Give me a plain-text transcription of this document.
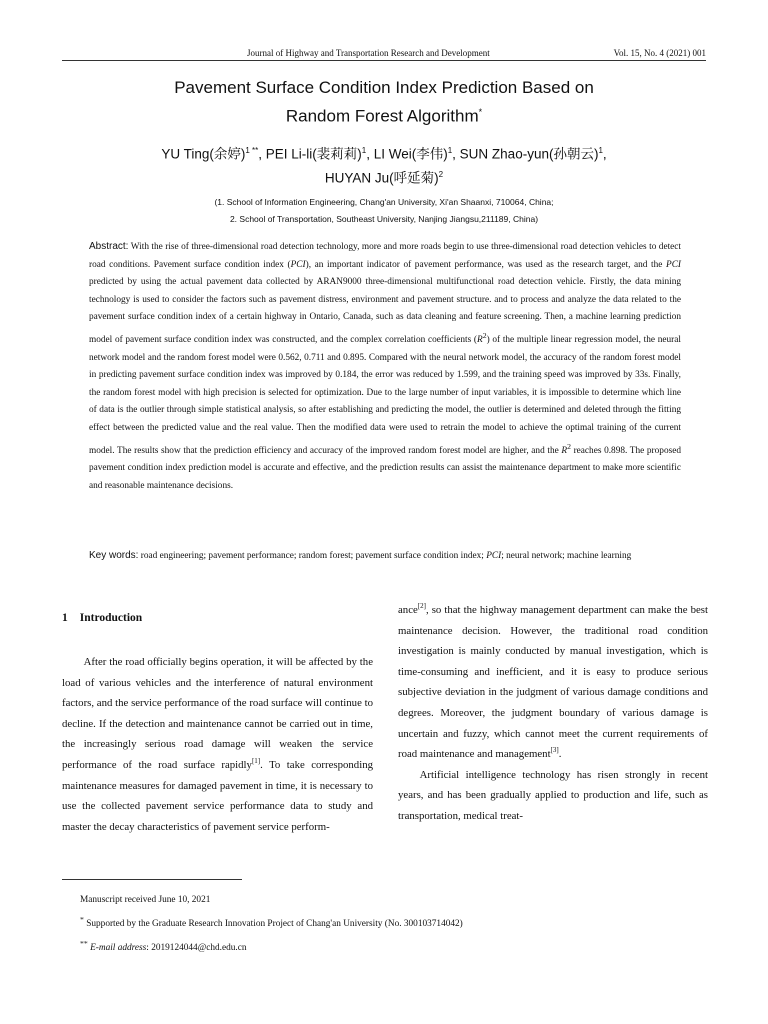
Journal of Highway and Transportation Research and Development	Vol. 15, No. 4 (2021) 001
Pavement Surface Condition Index Prediction Based on
Random Forest Algorithm*
YU Ting(余婷)$^{1 **}$, PEI Li-li(裴莉莉)$^1$, LI Wei(李伟)$^1$, SUN Zhao-yun(孙朝云)$^1$,
HUYAN Ju(呼延菊)$^2$
(1. School of Information Engineering, Chang'an University, Xi'an Shaanxi, 710064, China;
2. School of Transportation, Southeast University, Nanjing Jiangsu,211189, China)
Abstract: With the rise of three-dimensional road detection technology, more and more roads begin to use three-dimensional road detection vehicles to detect road conditions. Pavement surface condition index (PCI), an important indicator of pavement performance, was used as the research target, and the PCI predicted by using the actual pavement data collected by ARAN9000 three-dimensional multifunctional road detection vehicle. Firstly, the data mining technology is used to consider the factors such as pavement distress, environment and pavement structure. and to process and analyze the data related to the pavement surface condition index of a certain highway in Ontario, Canada, such as data cleaning and feature screening. Then, a machine learning prediction model of pavement surface condition index was constructed, and the complex correlation coefficients $(R^2)$ of the multiple linear regression model, the neural network model and the random forest model were 0.562, 0.711 and 0.895. Compared with the neural network model, the accuracy of the random forest model in predicting pavement surface condition index was improved by 0.184, the error was reduced by 1.599, and the training speed was improved by 33s. Finally, the random forest model with high precision is selected for optimization. Due to the large number of input variables, it is impossible to determine which line of data is the outlier through simple statistical analysis, so after establishing and predicting the model, the outlier is determined and deleted through the fitting effect between the predicted value and the real value. Then the modified data were used to retrain the model to achieve the optimal training of the current model. The results show that the prediction efficiency and accuracy of the improved random forest model are higher, and the $R^2$ reaches 0.898. The proposed pavement condition index prediction model is accurate and effective, and the prediction results can assist the maintenance department to make more scientific and reasonable maintenance decisions.
Key words: road engineering; pavement performance; random forest; pavement surface condition index; PCI; neural network; machine learning
1 Introduction

After the road officially begins operation, it will be affected by the load of various vehicles and the interference of natural environment factors, and the service performance of the road surface will continue to decline. If the detection and maintenance cannot be carried out in time, the increasingly serious road damage will weaken the service performance of the road surface rapidly[1]. To take corresponding maintenance measures for damaged pavement in time, it is necessary to use the collected pavement service performance data to study and master the decay characteristics of pavement service perform-

ance[2], so that the highway management department can make the best maintenance decision. However, the traditional road condition investigation is mainly conducted by manual investigation, which is time-consuming and inefficient, and it is easy to produce serious subjective deviation in the judgment of various damage conditions and degrees. Moreover, the judgment boundary of various damage is uncertain and fuzzy, which cannot meet the current requirements of road maintenance and management[3].

Artificial intelligence technology has risen strongly in recent years, and has been gradually applied to production and life, such as transportation, medical treat-

Manuscript received June 10, 2021
* Supported by the Graduate Research Innovation Project of Chang'an University (No. 300103714042)
** E-mail address: 2019124044@chd.edu.cn
